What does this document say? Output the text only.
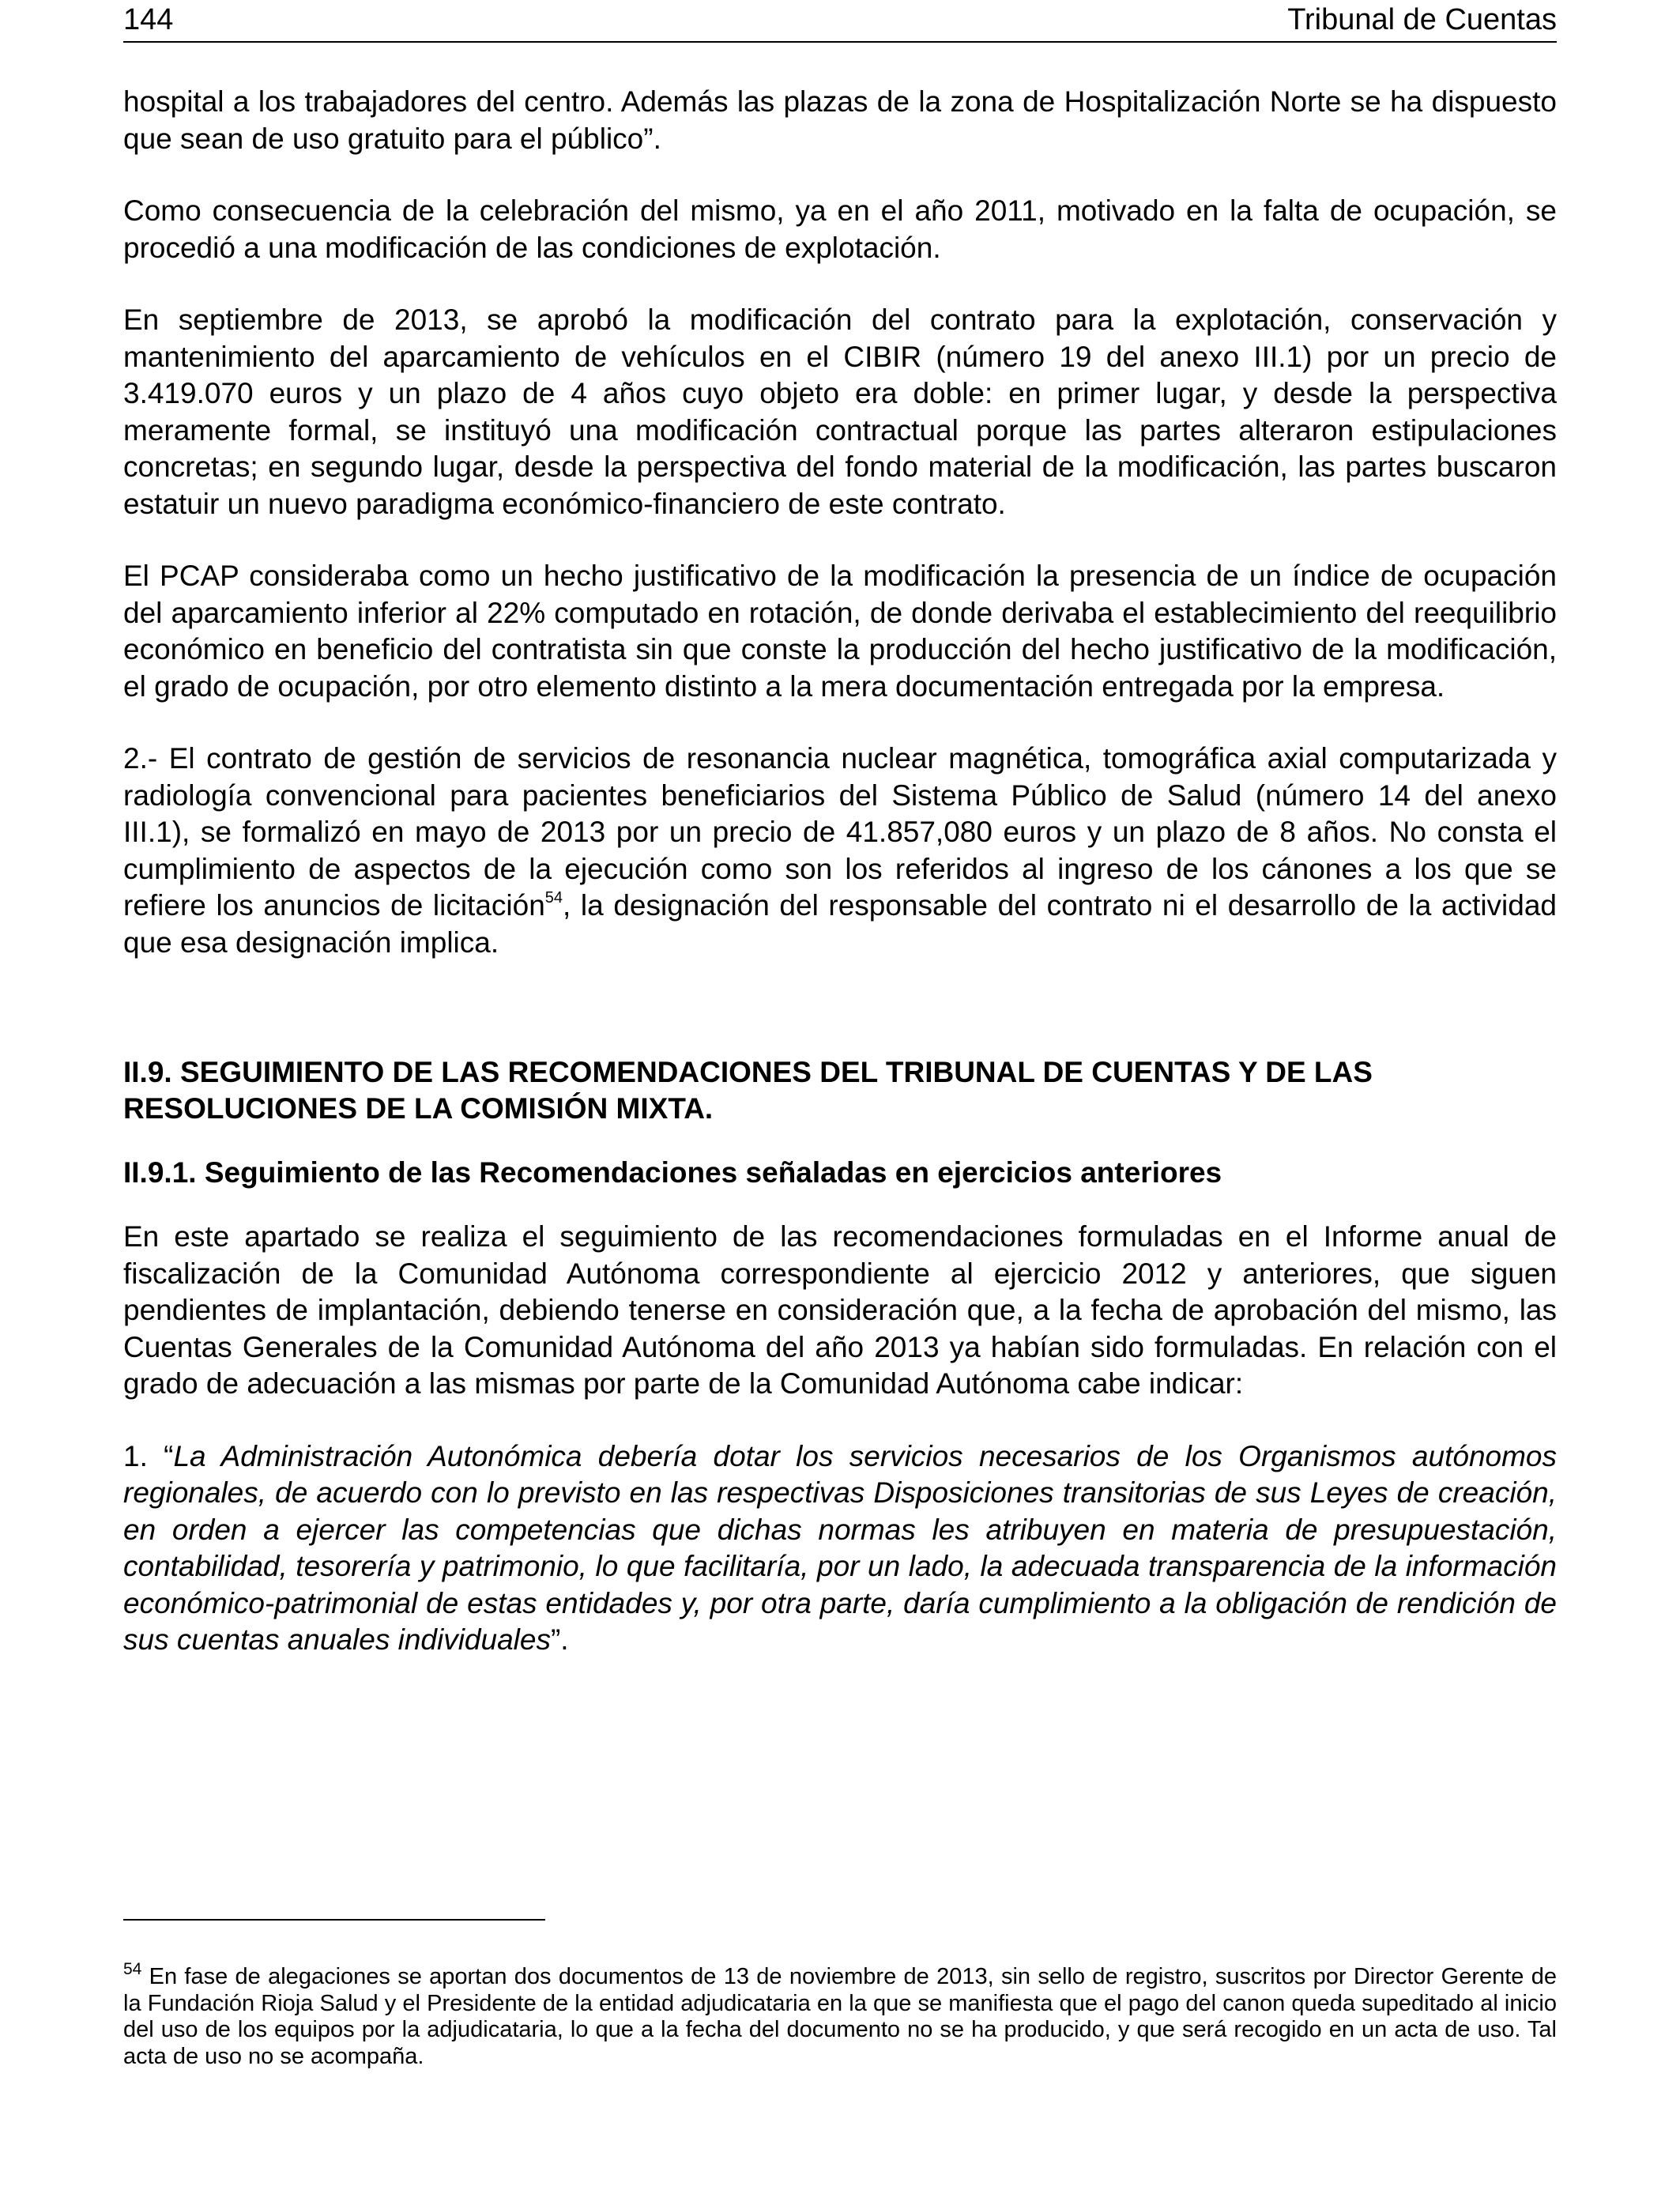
144	Tribunal de Cuentas

hospital a los trabajadores del centro. Además las plazas de la zona de Hospitalización Norte se ha dispuesto que sean de uso gratuito para el público”.

Como consecuencia de la celebración del mismo, ya en el año 2011, motivado en la falta de ocupación, se procedió a una modificación de las condiciones de explotación.

En septiembre de 2013, se aprobó la modificación del contrato para la explotación, conservación y mantenimiento del aparcamiento de vehículos en el CIBIR (número 19 del anexo III.1) por un precio de 3.419.070 euros y un plazo de 4 años cuyo objeto era doble: en primer lugar, y desde la perspectiva meramente formal, se instituyó una modificación contractual porque las partes alteraron estipulaciones concretas; en segundo lugar, desde la perspectiva del fondo material de la modificación, las partes buscaron estatuir un nuevo paradigma económico-financiero de este contrato.

El PCAP consideraba como un hecho justificativo de la modificación la presencia de un índice de ocupación del aparcamiento inferior al 22% computado en rotación, de donde derivaba el establecimiento del reequilibrio económico en beneficio del contratista sin que conste la producción del hecho justificativo de la modificación, el grado de ocupación, por otro elemento distinto a la mera documentación entregada por la empresa.

2.- El contrato de gestión de servicios de resonancia nuclear magnética, tomográfica axial computarizada y radiología convencional para pacientes beneficiarios del Sistema Público de Salud (número 14 del anexo III.1), se formalizó en mayo de 2013 por un precio de 41.857,080 euros y un plazo de 8 años. No consta el cumplimiento de aspectos de la ejecución como son los referidos al ingreso de los cánones a los que se refiere los anuncios de licitación$^{54}$, la designación del responsable del contrato ni el desarrollo de la actividad que esa designación implica.

II.9. SEGUIMIENTO DE LAS RECOMENDACIONES DEL TRIBUNAL DE CUENTAS Y DE LAS RESOLUCIONES DE LA COMISIÓN MIXTA.
II.9.1. Seguimiento de las Recomendaciones señaladas en ejercicios anteriores

En este apartado se realiza el seguimiento de las recomendaciones formuladas en el Informe anual de fiscalización de la Comunidad Autónoma correspondiente al ejercicio 2012 y anteriores, que siguen pendientes de implantación, debiendo tenerse en consideración que, a la fecha de aprobación del mismo, las Cuentas Generales de la Comunidad Autónoma del año 2013 ya habían sido formuladas. En relación con el grado de adecuación a las mismas por parte de la Comunidad Autónoma cabe indicar:

1. “La Administración Autonómica debería dotar los servicios necesarios de los Organismos autónomos regionales, de acuerdo con lo previsto en las respectivas Disposiciones transitorias de sus Leyes de creación, en orden a ejercer las competencias que dichas normas les atribuyen en materia de presupuestación, contabilidad, tesorería y patrimonio, lo que facilitaría, por un lado, la adecuada transparencia de la información económico-patrimonial de estas entidades y, por otra parte, daría cumplimiento a la obligación de rendición de sus cuentas anuales individuales”.

$^{54}$ En fase de alegaciones se aportan dos documentos de 13 de noviembre de 2013, sin sello de registro, suscritos por Director Gerente de la Fundación Rioja Salud y el Presidente de la entidad adjudicataria en la que se manifiesta que el pago del canon queda supeditado al inicio del uso de los equipos por la adjudicataria, lo que a la fecha del documento no se ha producido, y que será recogido en un acta de uso. Tal acta de uso no se acompaña.
